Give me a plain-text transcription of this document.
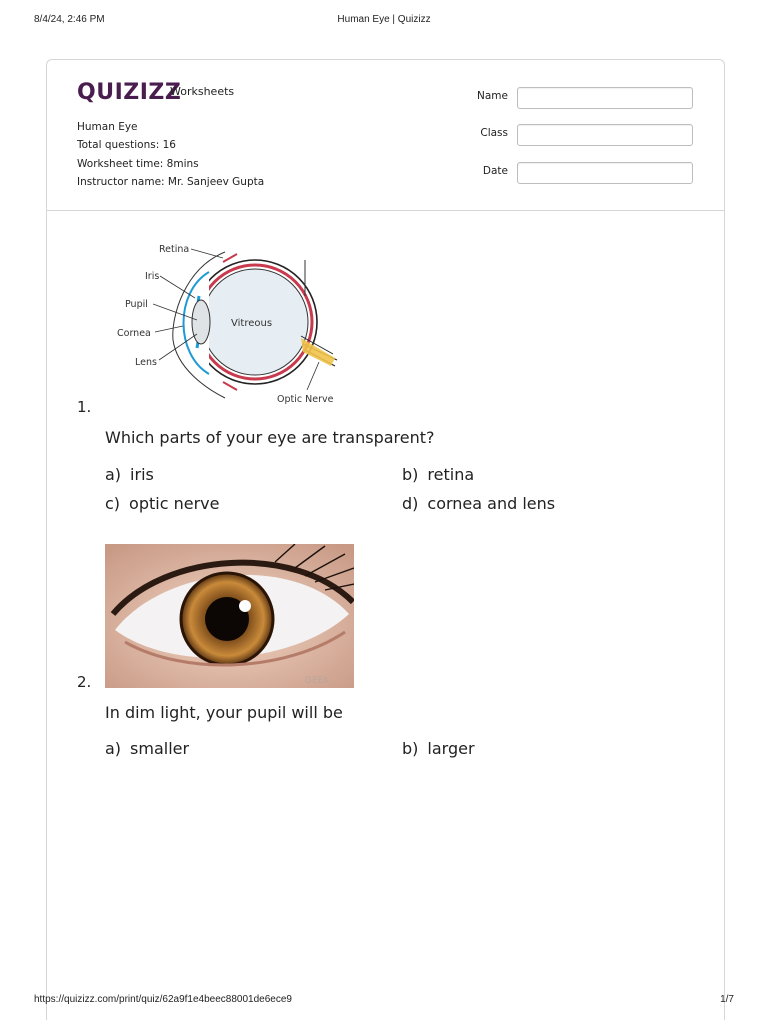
8/4/24, 2:46 PM	Human Eye | Quizizz
QUIZIZZ
Worksheets
Human Eye
Total questions: 16
Worksheet time: 8mins
Instructor name: Mr. Sanjeev Gupta
Name
Class
Date
Retina
Iris
Pupil
Cornea
Lens
Vitreous
Optic Nerve
1.
Which parts of your eye are transparent?
a) iris	b) retina
c) optic nerve	d) cornea and lens
GEEK
2.
In dim light, your pupil will be
a) smaller	b) larger
https://quizizz.com/print/quiz/62a9f1e4beec88001de6ece9	1/7
